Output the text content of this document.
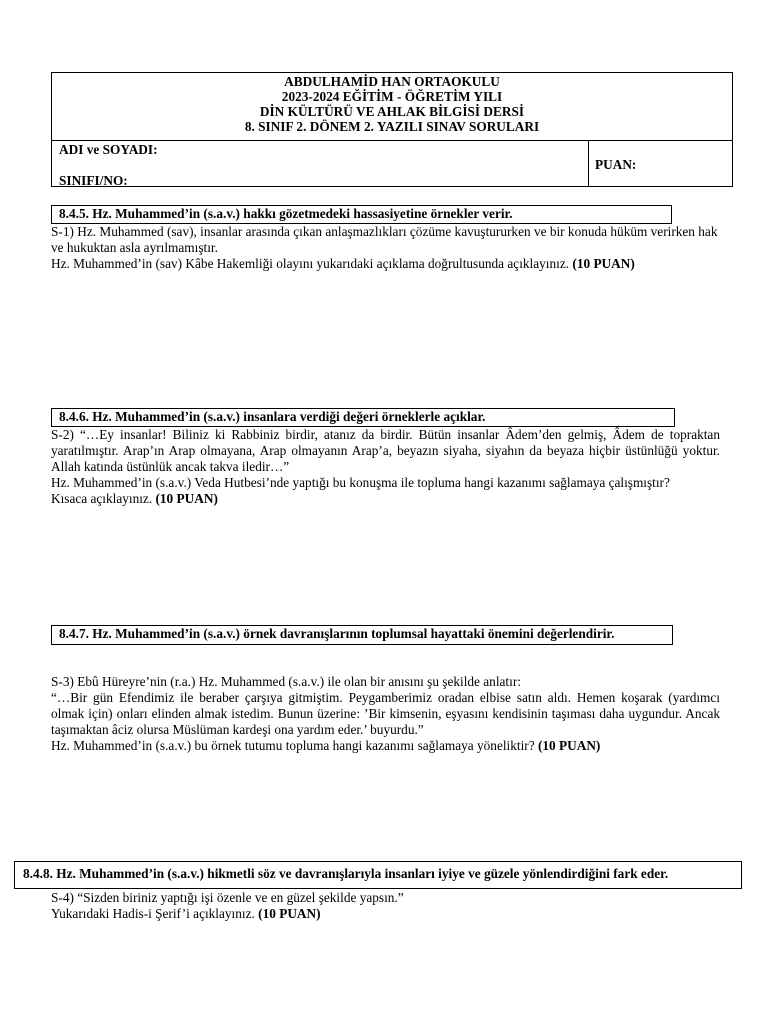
ABDULHAMİD HAN ORTAOKULU
2023-2024 EĞİTİM - ÖĞRETİM YILI
DİN KÜLTÜRÜ VE AHLAK BİLGİSİ DERSİ
8. SINIF 2. DÖNEM 2. YAZILI SINAV SORULARI
ADI ve SOYADI:
SINIFI/NO:
PUAN:
8.4.5. Hz. Muhammed’in (s.a.v.) hakkı gözetmedeki hassasiyetine örnekler verir.

S-1) Hz. Muhammed (sav), insanlar arasında çıkan anlaşmazlıkları çözüme kavuştururken ve bir konuda hüküm verirken hak ve hukuktan asla ayrılmamıştır.

Hz. Muhammed’in (sav) Kâbe Hakemliği olayını yukarıdaki açıklama doğrultusunda açıklayınız. (10 PUAN)

8.4.6. Hz. Muhammed’in (s.a.v.) insanlara verdiği değeri örneklerle açıklar.

S-2) “…Ey insanlar! Biliniz ki Rabbiniz birdir, atanız da birdir. Bütün insanlar Âdem’den gelmiş, Âdem de topraktan yaratılmıştır. Arap’ın Arap olmayana, Arap olmayanın Arap’a, beyazın siyaha, siyahın da beyaza hiçbir üstünlüğü yoktur. Allah katında üstünlük ancak takva iledir…”

Hz. Muhammed’in (s.a.v.) Veda Hutbesi’nde yaptığı bu konuşma ile topluma hangi kazanımı sağlamaya çalışmıştır?

Kısaca açıklayınız. (10 PUAN)

8.4.7. Hz. Muhammed’in (s.a.v.) örnek davranışlarının toplumsal hayattaki önemini değerlendirir.

S-3) Ebû Hüreyre’nin (r.a.) Hz. Muhammed (s.a.v.) ile olan bir anısını şu şekilde anlatır:

“…Bir gün Efendimiz ile beraber çarşıya gitmiştim. Peygamberimiz oradan elbise satın aldı. Hemen koşarak (yardımcı olmak için) onları elinden almak istedim. Bunun üzerine: ’Bir kimsenin, eşyasını kendisinin taşıması daha uygundur. Ancak taşımaktan âciz olursa Müslüman kardeşi ona yardım eder.’ buyurdu.”

Hz. Muhammed’in (s.a.v.) bu örnek tutumu topluma hangi kazanımı sağlamaya yöneliktir? (10 PUAN)

8.4.8. Hz. Muhammed’in (s.a.v.) hikmetli söz ve davranışlarıyla insanları iyiye ve güzele yönlendirdiğini fark eder.

S-4) “Sizden biriniz yaptığı işi özenle ve en güzel şekilde yapsın.”

Yukarıdaki Hadis-i Şerif’i açıklayınız. (10 PUAN)
